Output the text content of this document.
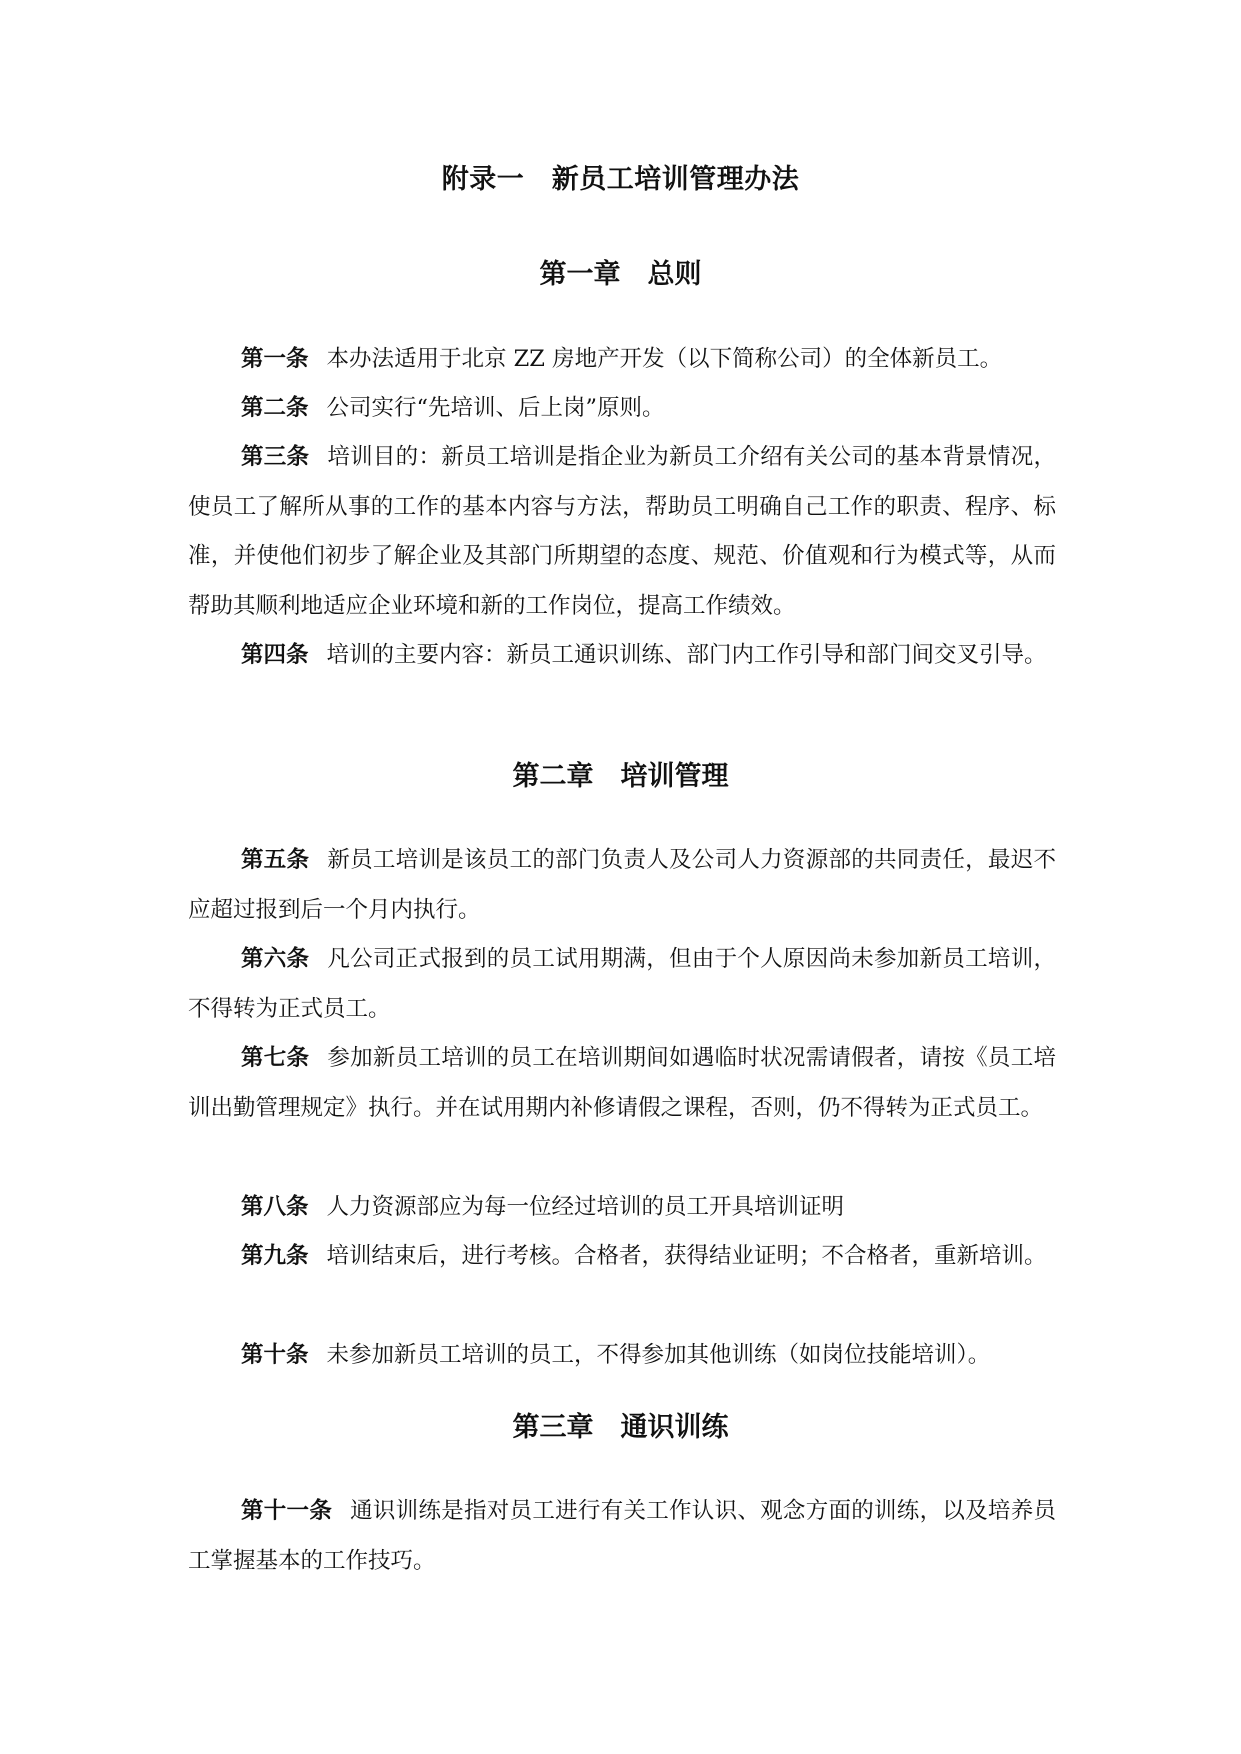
附录一　新员工培训管理办法
第一章　总则

第一条 本办法适用于北京 ZZ 房地产开发（以下简称公司）的全体新员工。

第二条 公司实行“先培训、后上岗”原则。

第三条 培训目的：新员工培训是指企业为新员工介绍有关公司的基本背景情况，使员工了解所从事的工作的基本内容与方法，帮助员工明确自己工作的职责、程序、标准，并使他们初步了解企业及其部门所期望的态度、规范、价值观和行为模式等，从而帮助其顺利地适应企业环境和新的工作岗位，提高工作绩效。

第四条 培训的主要内容：新员工通识训练、部门内工作引导和部门间交叉引导。

第二章　培训管理

第五条 新员工培训是该员工的部门负责人及公司人力资源部的共同责任，最迟不应超过报到后一个月内执行。

第六条 凡公司正式报到的员工试用期满，但由于个人原因尚未参加新员工培训，不得转为正式员工。

第七条 参加新员工培训的员工在培训期间如遇临时状况需请假者，请按《员工培训出勤管理规定》执行。并在试用期内补修请假之课程，否则，仍不得转为正式员工。

第八条 人力资源部应为每一位经过培训的员工开具培训证明

第九条 培训结束后，进行考核。合格者，获得结业证明；不合格者，重新培训。

第十条 未参加新员工培训的员工，不得参加其他训练（如岗位技能培训）。

第三章　通识训练

第十一条 通识训练是指对员工进行有关工作认识、观念方面的训练，以及培养员工掌握基本的工作技巧。
